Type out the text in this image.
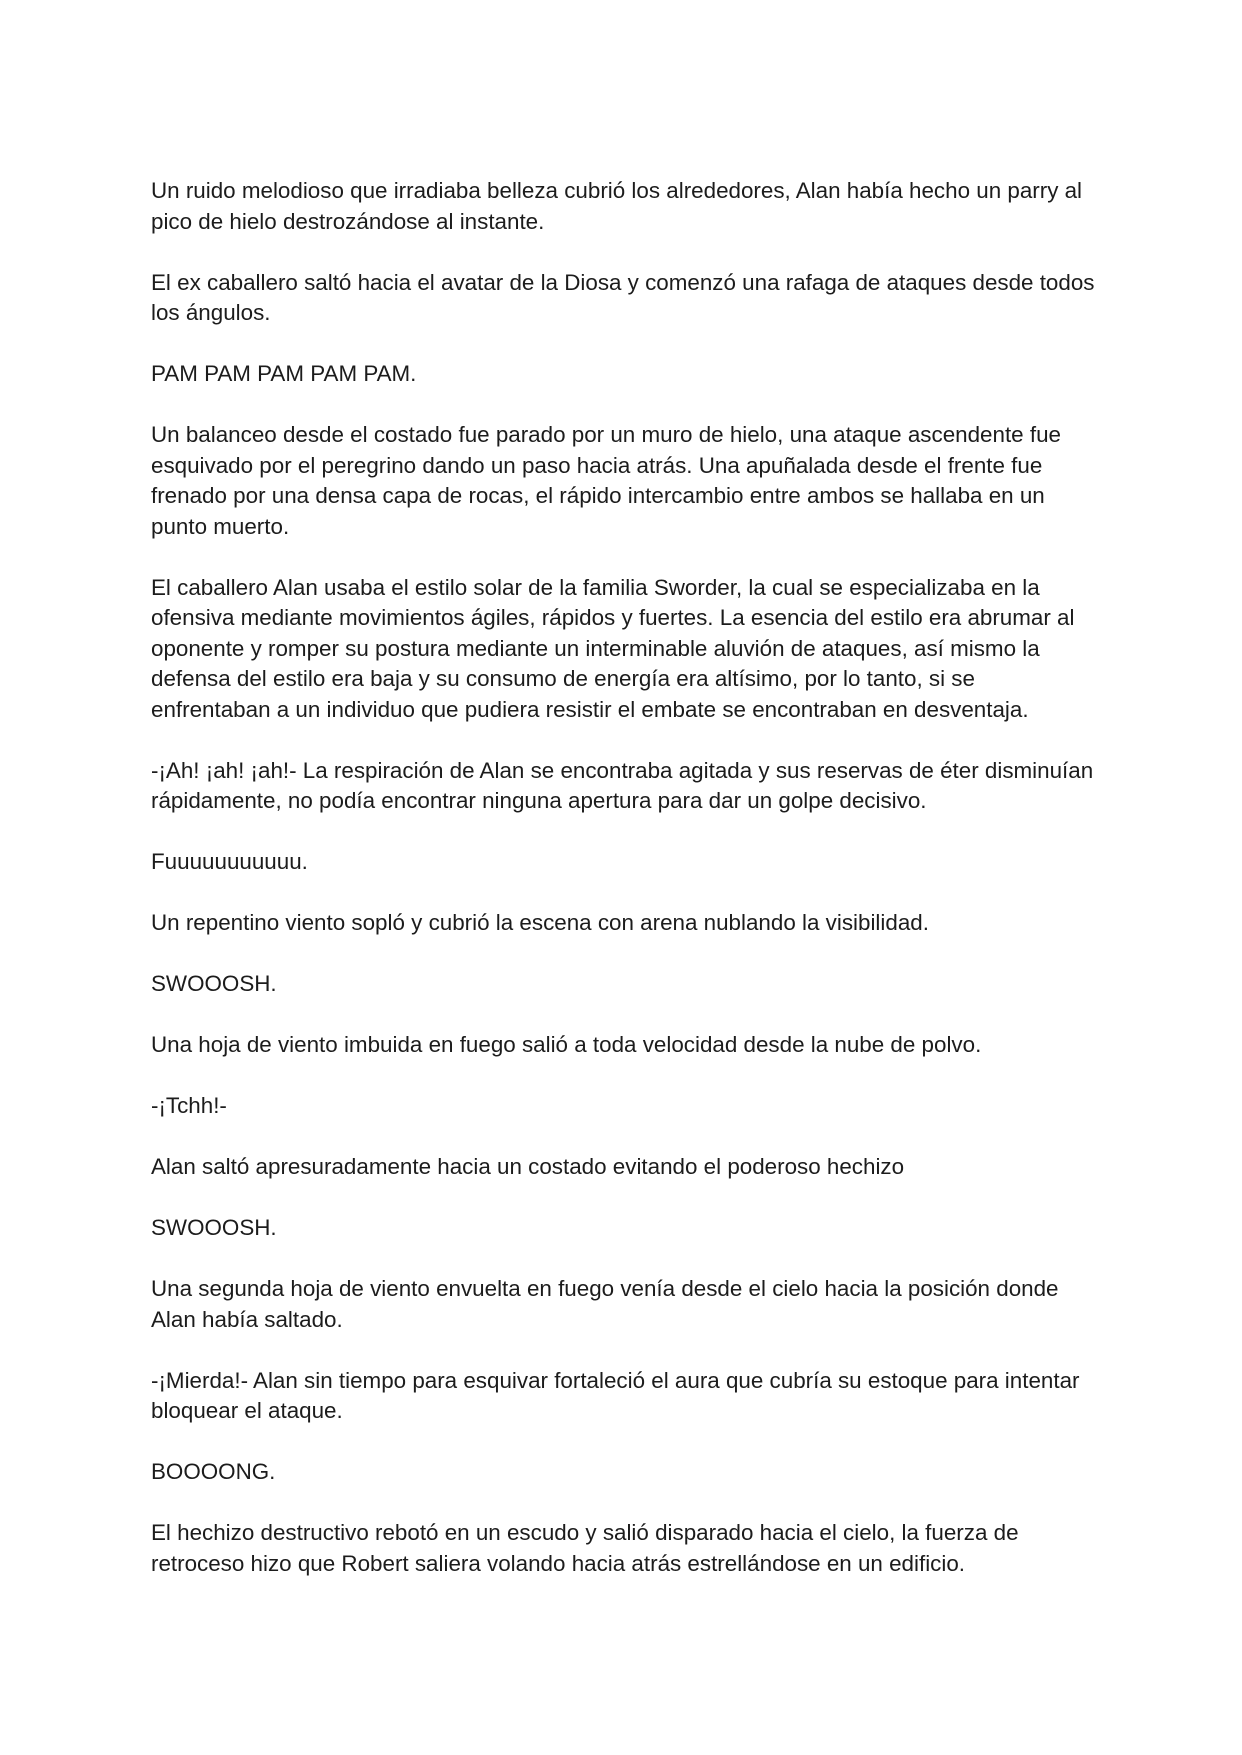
Un ruido melodioso que irradiaba belleza cubrió los alrededores, Alan había hecho un parry al pico de hielo destrozándose al instante.

El ex caballero saltó hacia el avatar de la Diosa y comenzó una rafaga de ataques desde todos los ángulos.

PAM PAM PAM PAM PAM.

Un balanceo desde el costado fue parado por un muro de hielo, una ataque ascendente fue esquivado por el peregrino dando un paso hacia atrás. Una apuñalada desde el frente fue frenado por una densa capa de rocas, el rápido intercambio entre ambos se hallaba en un punto muerto.

El caballero Alan usaba el estilo solar de la familia Sworder, la cual se especializaba en la ofensiva mediante movimientos ágiles, rápidos y fuertes. La esencia del estilo era abrumar al oponente y romper su postura mediante un interminable aluvión de ataques, así mismo la defensa del estilo era baja y su consumo de energía era altísimo, por lo tanto, si se enfrentaban a un individuo que pudiera resistir el embate se encontraban en desventaja.

-¡Ah! ¡ah! ¡ah!- La respiración de Alan se encontraba agitada y sus reservas de éter disminuían rápidamente, no podía encontrar ninguna apertura para dar un golpe decisivo.

Fuuuuuuuuuuu.

Un repentino viento sopló y cubrió la escena con arena nublando la visibilidad.

SWOOOSH.

Una hoja de viento imbuida en fuego salió a toda velocidad desde la nube de polvo.

-¡Tchh!-

Alan saltó apresuradamente hacia un costado evitando el poderoso hechizo

SWOOOSH.

Una segunda hoja de viento envuelta en fuego venía desde el cielo hacia la posición donde Alan había saltado.

-¡Mierda!- Alan sin tiempo para esquivar fortaleció el aura que cubría su estoque para intentar bloquear el ataque.

BOOOONG.

El hechizo destructivo rebotó en un escudo y salió disparado hacia el cielo, la fuerza de retroceso hizo que Robert saliera volando hacia atrás estrellándose en un edificio.
